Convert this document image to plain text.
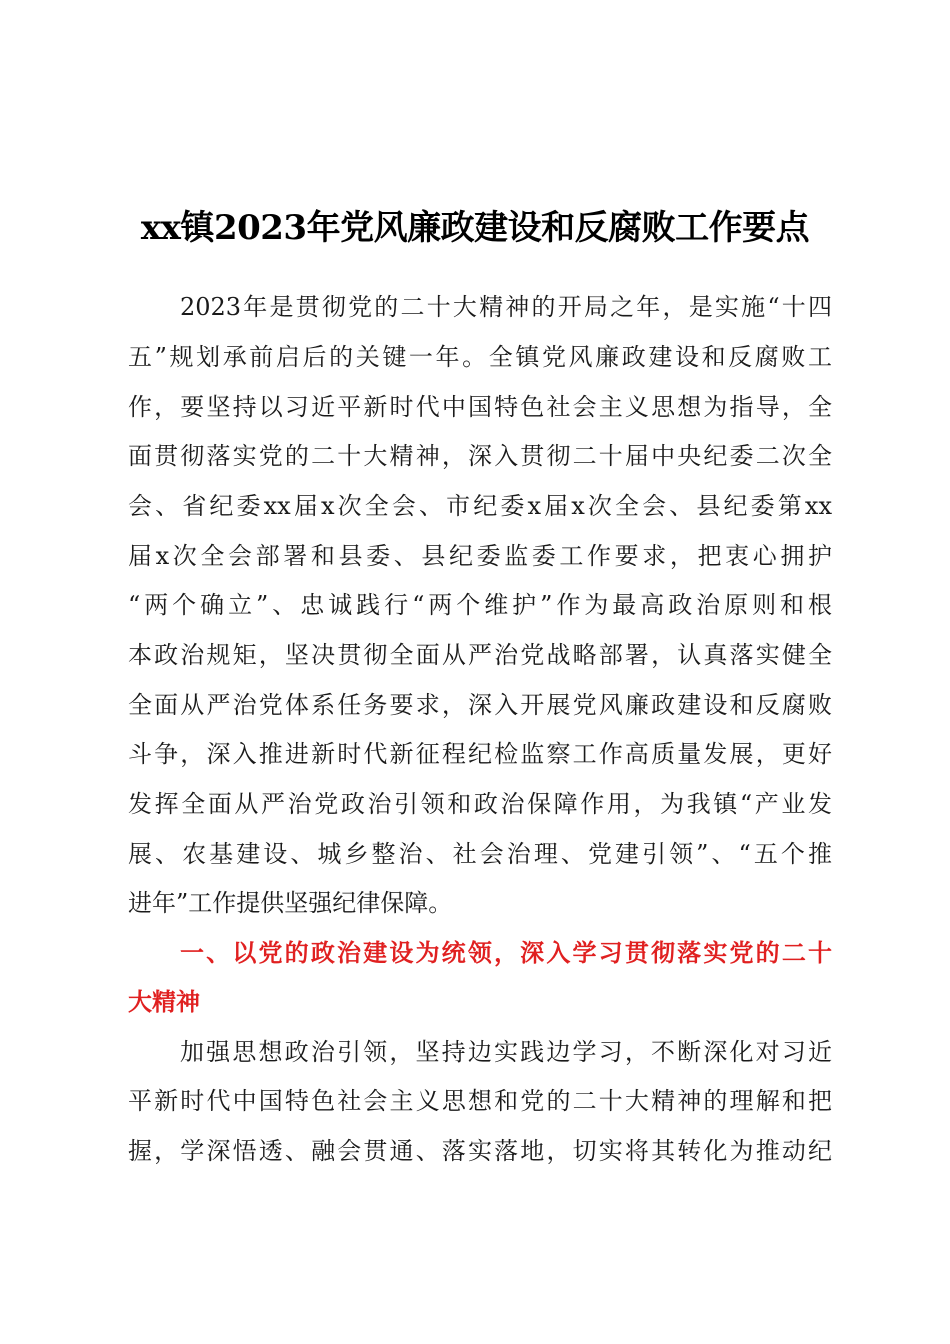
xx镇2023年党风廉政建设和反腐败工作要点
2023年是贯彻党的二十大精神的开局之年，是实施“十四
五”规划承前启后的关键一年。全镇党风廉政建设和反腐败工
作，要坚持以习近平新时代中国特色社会主义思想为指导，全
面贯彻落实党的二十大精神，深入贯彻二十届中央纪委二次全
会、省纪委xx届x次全会、市纪委x届x次全会、县纪委第xx
届x次全会部署和县委、县纪委监委工作要求，把衷心拥护
“两个确立”、忠诚践行“两个维护”作为最高政治原则和根
本政治规矩，坚决贯彻全面从严治党战略部署，认真落实健全
全面从严治党体系任务要求，深入开展党风廉政建设和反腐败
斗争，深入推进新时代新征程纪检监察工作高质量发展，更好
发挥全面从严治党政治引领和政治保障作用，为我镇“产业发
展、农基建设、城乡整治、社会治理、党建引领”、“五个推
进年”工作提供坚强纪律保障。
一、以党的政治建设为统领，深入学习贯彻落实党的二十
大精神
加强思想政治引领，坚持边实践边学习，不断深化对习近
平新时代中国特色社会主义思想和党的二十大精神的理解和把
握，学深悟透、融会贯通、落实落地，切实将其转化为推动纪
